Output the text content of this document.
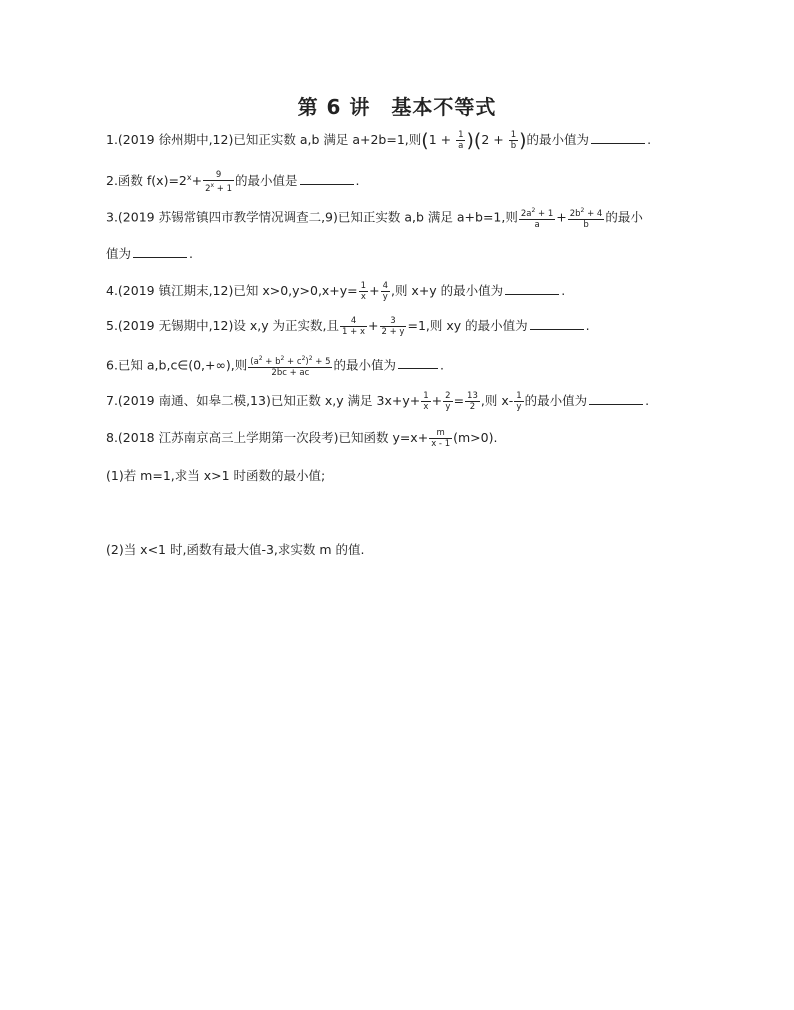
第 6 讲　基本不等式
1.(2019 徐州期中,12)已知正实数 a,b 满足 a+2b=1,则$(1 + \frac{1}{a} )(2 + \frac{1}{b}$ )的最小值为	.
2.函数 $f(x)=2^x+ \frac{9}{2^x + 1}$ 的最小值是	.
3.(2019 苏锡常镇四市教学情况调查二,9)已知正实数 a,b 满足 a+b=1,则 $\frac{2a^2 + 1}{a} + \frac{2b^2 + 4}{b}$ 的最小
值为	.
4.(2019 镇江期末,12)已知 $x>0,y>0,x+y= \frac{1}{x} + \frac{4}{y}$ ,则 x+y 的最小值为	.
5.(2019 无锡期中,12)设 x,y 为正实数,且 $\frac{4}{1 + x} + \frac{3}{2 + y} =1$,则 xy 的最小值为	.
6.已知 a,b,c∈(0,+∞),则 $\frac{(a^2 + b^2 + c^2)^2 + 5}{2bc + ac}$ 的最小值为	.
7.(2019 南通、如皋二模,13)已知正数 x,y 满足 $3x+y+ \frac{1}{x} + \frac{2}{y} = \frac{13}{2}$ ,则 $x- \frac{1}{y}$ 的最小值为	.
8.(2018 江苏南京高三上学期第一次段考)已知函数 $y=x+ \frac{m}{x - 1} (m>0)$.
(1)若 m=1,求当 x>1 时函数的最小值;
(2)当 x<1 时,函数有最大值-3,求实数 m 的值.
